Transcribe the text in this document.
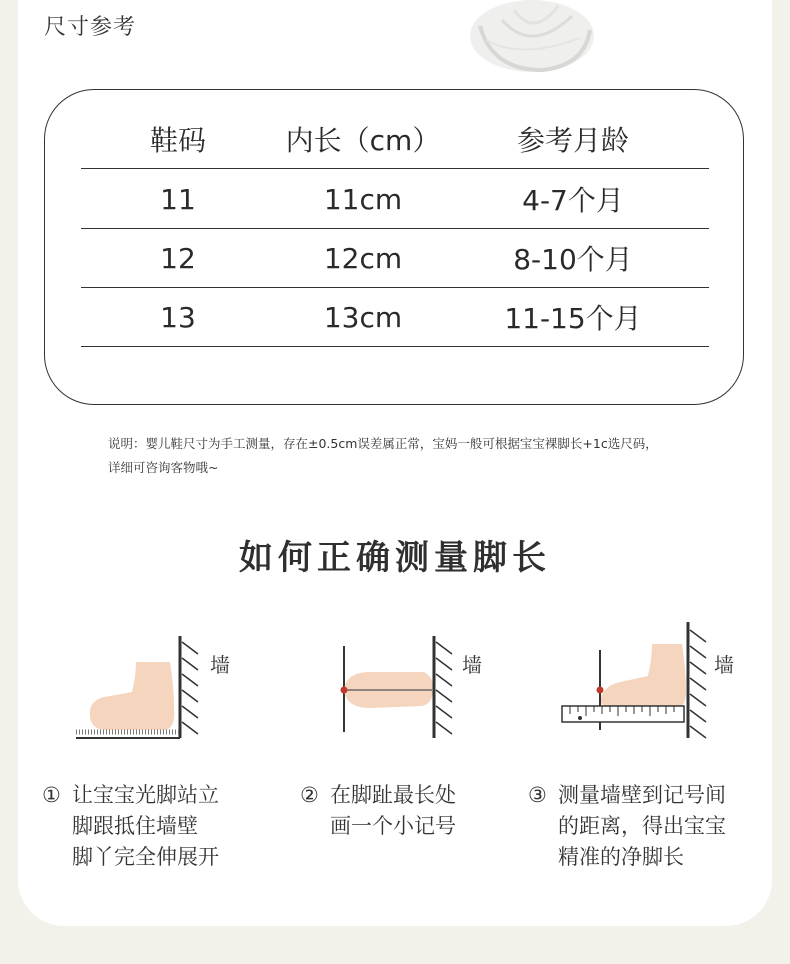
尺寸参考
鞋码	内长（cm）	参考月龄
11	11cm	4-7个月
12	12cm	8-10个月
13	13cm	11-15个月
说明：婴儿鞋尺寸为手工测量，存在±0.5cm误差属正常，宝妈一般可根据宝宝裸脚长+1c选尺码，
详细可咨询客物哦~
如何正确测量脚长
墙	墙	墙
① 让宝宝光脚站立
脚跟抵住墙壁
脚丫完全伸展开
② 在脚趾最长处
画一个小记号
③ 测量墙壁到记号间
的距离，得出宝宝
精准的净脚长
